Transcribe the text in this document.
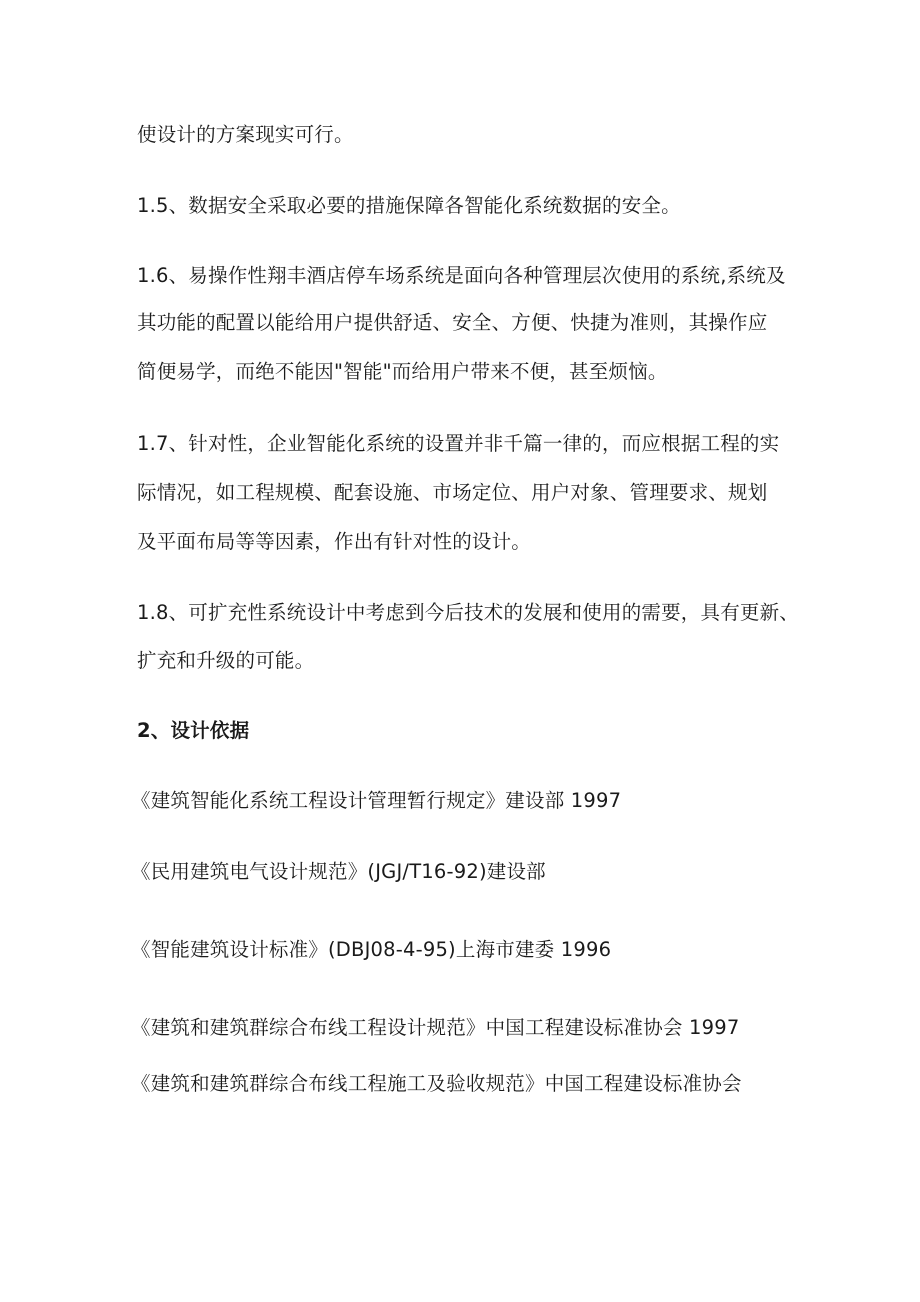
使设计的方案现实可行。
1.5、数据安全采取必要的措施保障各智能化系统数据的安全。
1.6、易操作性翔丰酒店停车场系统是面向各种管理层次使用的系统,系统及
其功能的配置以能给用户提供舒适、安全、方便、快捷为准则，其操作应
简便易学，而绝不能因"智能"而给用户带来不便，甚至烦恼。
1.7、针对性，企业智能化系统的设置并非千篇一律的，而应根据工程的实
际情况，如工程规模、配套设施、市场定位、用户对象、管理要求、规划
及平面布局等等因素，作出有针对性的设计。
1.8、可扩充性系统设计中考虑到今后技术的发展和使用的需要，具有更新、
扩充和升级的可能。
2、设计依据
《建筑智能化系统工程设计管理暂行规定》建设部 1997
《民用建筑电气设计规范》(JGJ/T16-92)建设部
《智能建筑设计标准》(DBJ08-4-95)上海市建委 1996
《建筑和建筑群综合布线工程设计规范》中国工程建设标准协会 1997
《建筑和建筑群综合布线工程施工及验收规范》中国工程建设标准协会
